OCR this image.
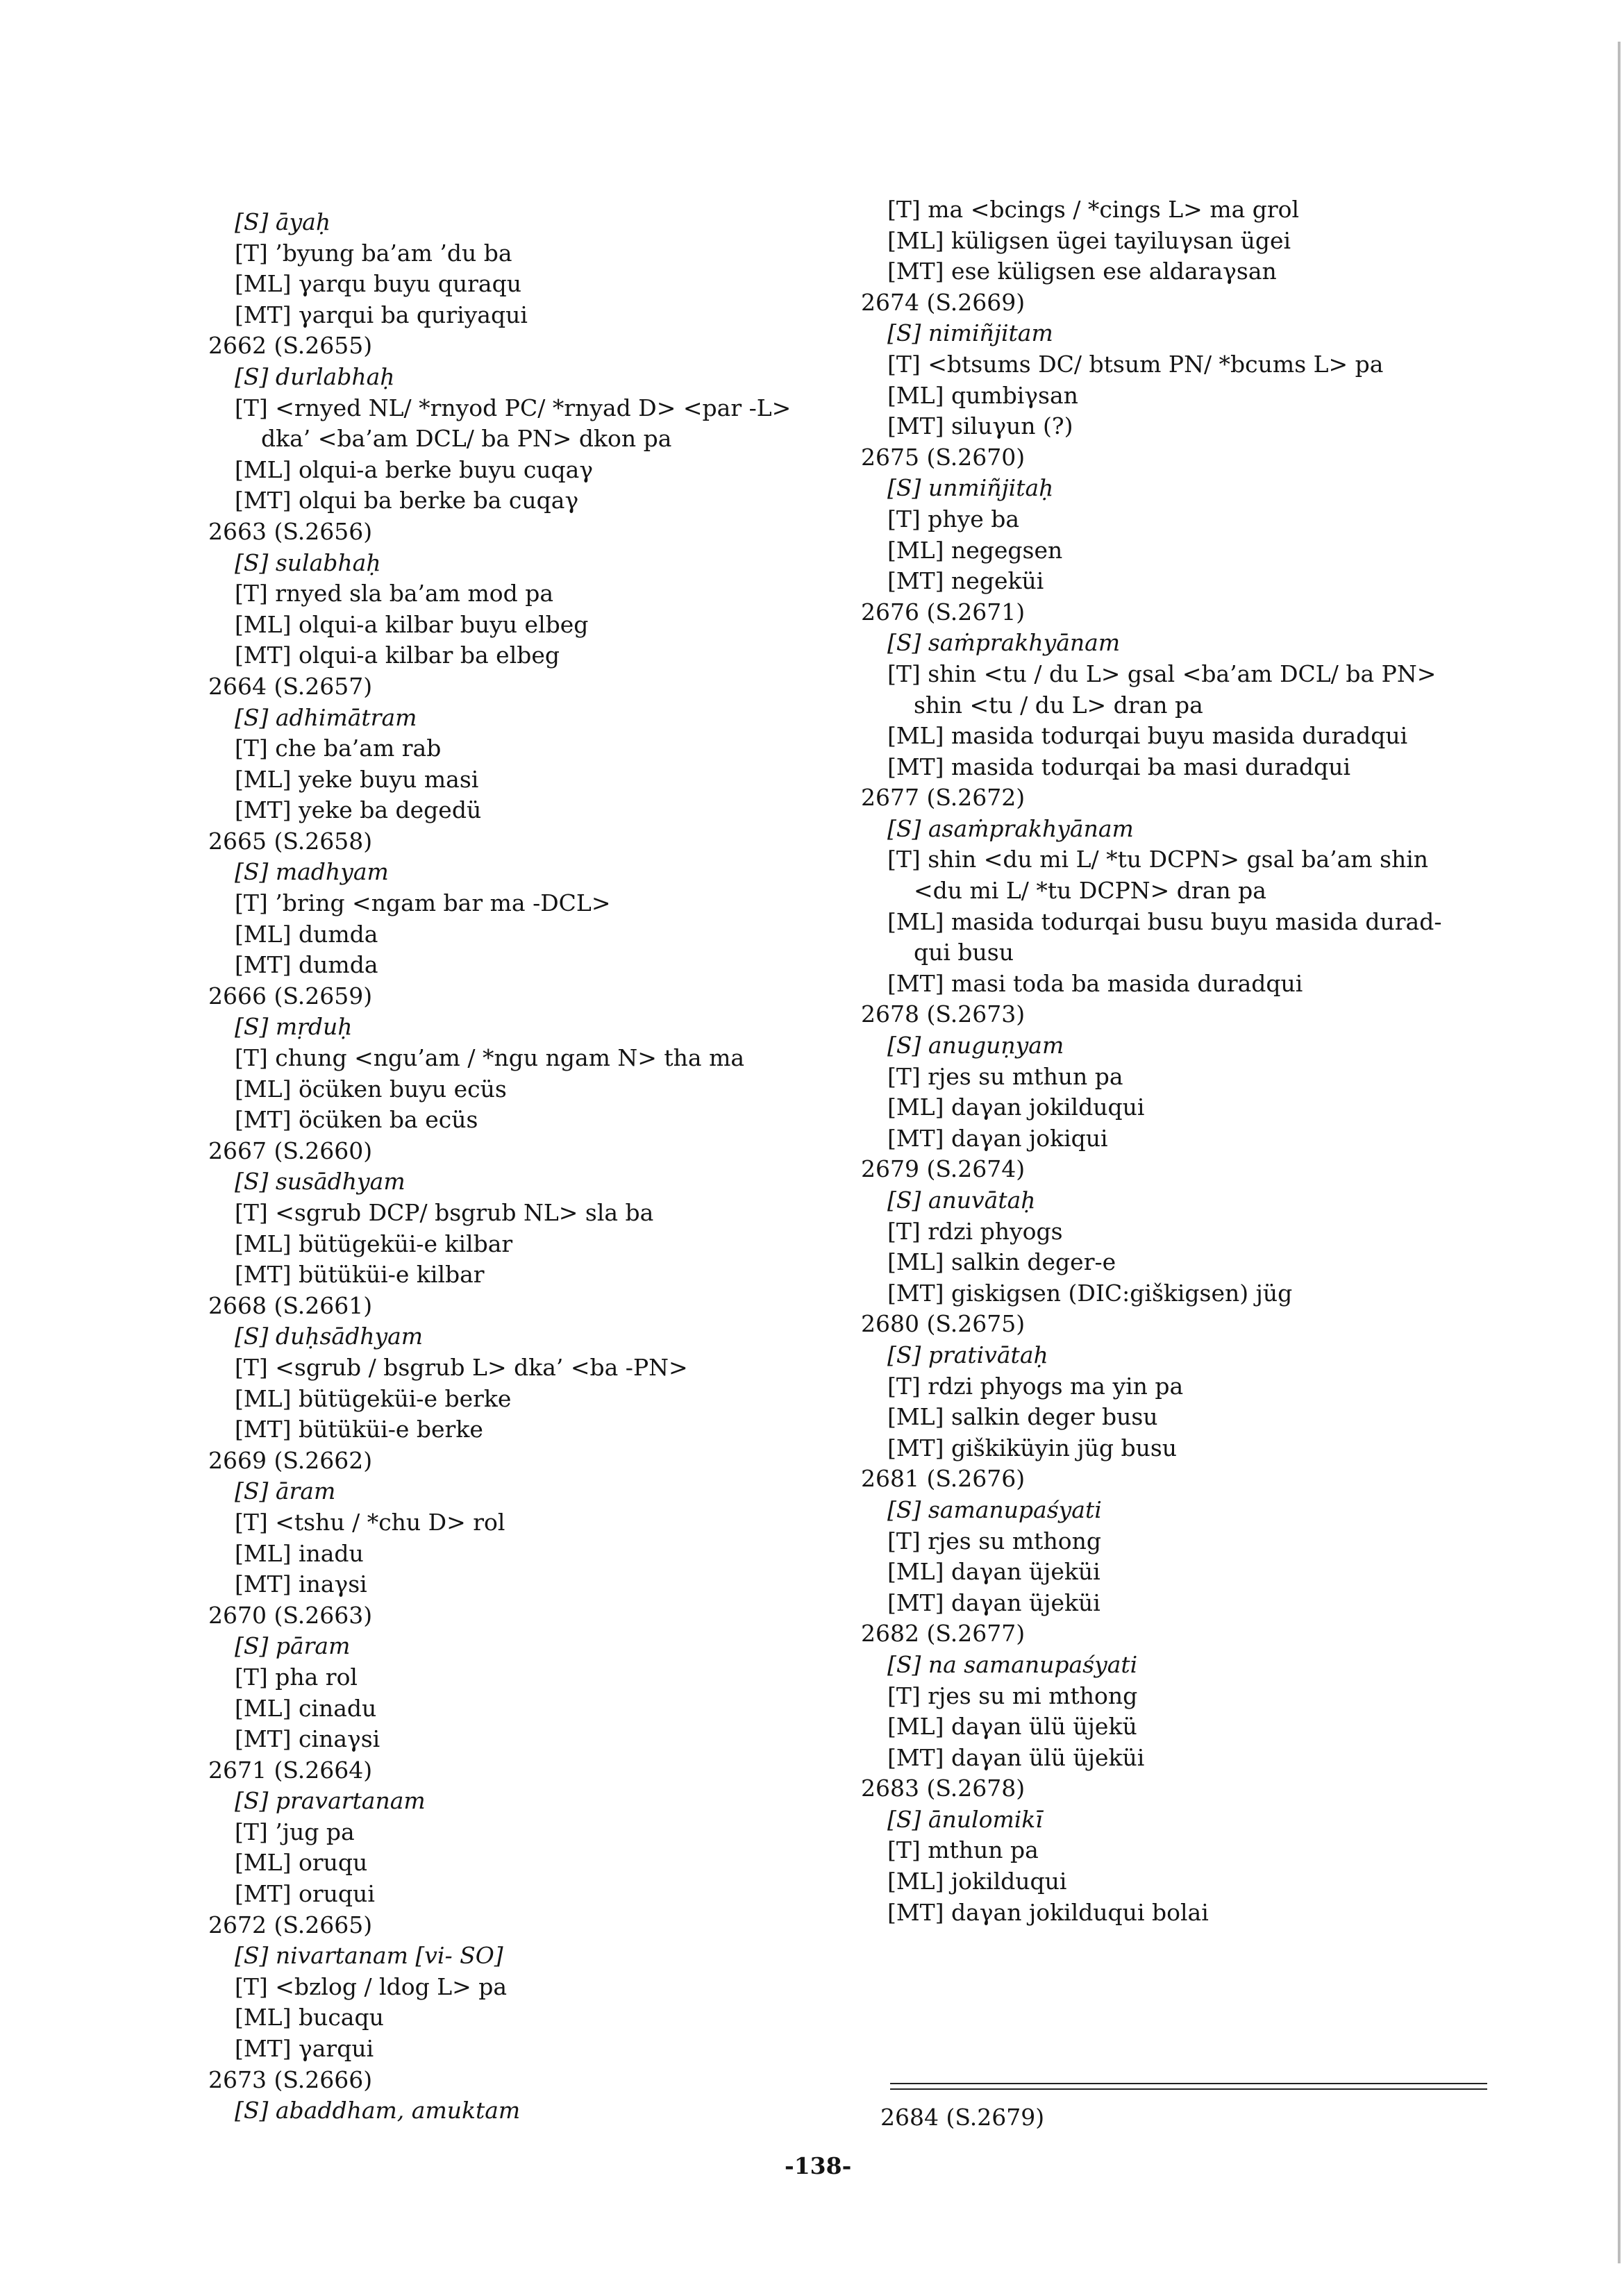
[S] āyaḥ
[T] ’byung ba’am ’du ba
[ML] γarqu buyu quraqu
[MT] γarqui ba quriyaqui
2662 (S.2655)
[S] durlabhaḥ
[T] <rnyed NL/ *rnyod PC/ *rnyad D> <par -L>
dka’ <ba’am DCL/ ba PN> dkon pa
[ML] olqui-a berke buyu cuqaγ
[MT] olqui ba berke ba cuqaγ
2663 (S.2656)
[S] sulabhaḥ
[T] rnyed sla ba’am mod pa
[ML] olqui-a kilbar buyu elbeg
[MT] olqui-a kilbar ba elbeg
2664 (S.2657)
[S] adhimātram
[T] che ba’am rab
[ML] yeke buyu masi
[MT] yeke ba degedü
2665 (S.2658)
[S] madhyam
[T] ’bring <ngam bar ma -DCL>
[ML] dumda
[MT] dumda
2666 (S.2659)
[S] mṛduḥ
[T] chung <ngu’am / *ngu ngam N> tha ma
[ML] öcüken buyu ecüs
[MT] öcüken ba ecüs
2667 (S.2660)
[S] susādhyam
[T] <sgrub DCP/ bsgrub NL> sla ba
[ML] bütügeküi-e kilbar
[MT] bütüküi-e kilbar
2668 (S.2661)
[S] duḥsādhyam
[T] <sgrub / bsgrub L> dka’ <ba -PN>
[ML] bütügeküi-e berke
[MT] bütüküi-e berke
2669 (S.2662)
[S] āram
[T] <tshu / *chu D> rol
[ML] inadu
[MT] inaγsi
2670 (S.2663)
[S] pāram
[T] pha rol
[ML] cinadu
[MT] cinaγsi
2671 (S.2664)
[S] pravartanam
[T] ’jug pa
[ML] oruqu
[MT] oruqui
2672 (S.2665)
[S] nivartanam [vi- SO]
[T] <bzlog / ldog L> pa
[ML] bucaqu
[MT] γarqui
2673 (S.2666)
[S] abaddham, amuktam
[T] ma <bcings / *cings L> ma grol
[ML] küligsen ügei tayiluγsan ügei
[MT] ese küligsen ese aldaraγsan
2674 (S.2669)
[S] nimiñjitam
[T] <btsums DC/ btsum PN/ *bcums L> pa
[ML] qumbiγsan
[MT] siluγun (?)
2675 (S.2670)
[S] unmiñjitaḥ
[T] phye ba
[ML] negegsen
[MT] negeküi
2676 (S.2671)
[S] saṁprakhyānam
[T] shin <tu / du L> gsal <ba’am DCL/ ba PN>
shin <tu / du L> dran pa
[ML] masida todurqai buyu masida duradqui
[MT] masida todurqai ba masi duradqui
2677 (S.2672)
[S] asaṁprakhyānam
[T] shin <du mi L/ *tu DCPN> gsal ba’am shin
<du mi L/ *tu DCPN> dran pa
[ML] masida todurqai busu buyu masida durad-
qui busu
[MT] masi toda ba masida duradqui
2678 (S.2673)
[S] anuguṇyam
[T] rjes su mthun pa
[ML] daγan jokilduqui
[MT] daγan jokiqui
2679 (S.2674)
[S] anuvātaḥ
[T] rdzi phyogs
[ML] salkin deger-e
[MT] giskigsen (DIC:giškigsen) jüg
2680 (S.2675)
[S] prativātaḥ
[T] rdzi phyogs ma yin pa
[ML] salkin deger busu
[MT] giškiküyin jüg busu
2681 (S.2676)
[S] samanupaśyati
[T] rjes su mthong
[ML] daγan üjeküi
[MT] daγan üjeküi
2682 (S.2677)
[S] na samanupaśyati
[T] rjes su mi mthong
[ML] daγan ülü üjekü
[MT] daγan ülü üjeküi
2683 (S.2678)
[S] ānulomikī
[T] mthun pa
[ML] jokilduqui
[MT] daγan jokilduqui bolai
2684 (S.2679)
-138-
